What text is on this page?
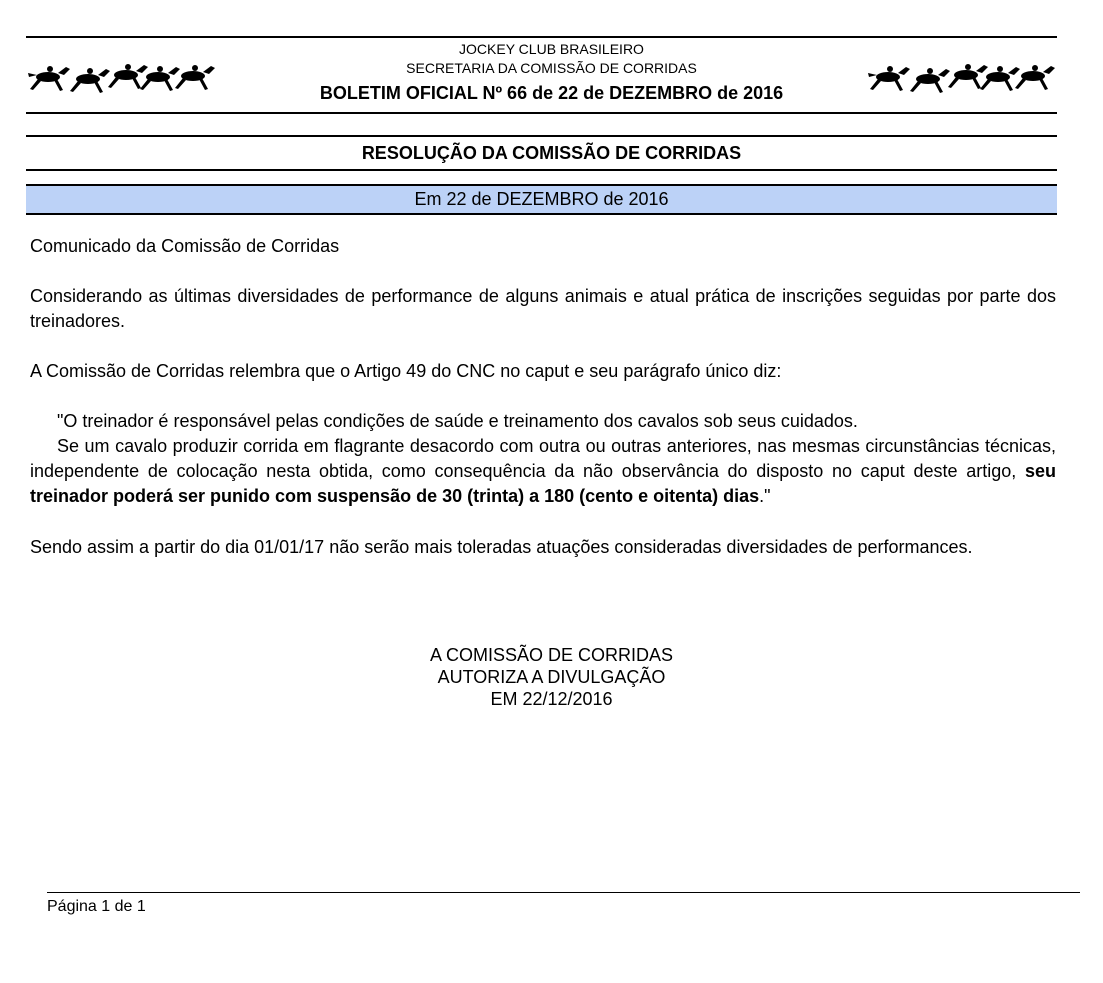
JOCKEY CLUB BRASILEIRO
SECRETARIA DA COMISSÃO DE CORRIDAS
BOLETIM OFICIAL Nº 66 de 22 de DEZEMBRO de 2016
RESOLUÇÃO DA COMISSÃO DE CORRIDAS
Em 22 de DEZEMBRO de 2016

Comunicado da Comissão de Corridas

Considerando as últimas diversidades de performance de alguns animais e atual prática de inscrições seguidas por parte dos treinadores.

A Comissão de Corridas relembra que o Artigo 49 do CNC no caput e seu parágrafo único diz:

"O treinador é responsável pelas condições de saúde e treinamento dos cavalos sob seus cuidados.

Se um cavalo produzir corrida em flagrante desacordo com outra ou outras anteriores, nas mesmas circunstâncias técnicas, independente de colocação nesta obtida, como consequência da não observância do disposto no caput deste artigo, seu treinador poderá ser punido com suspensão de 30 (trinta) a 180 (cento e oitenta) dias."

Sendo assim a partir do dia 01/01/17 não serão mais toleradas atuações consideradas diversidades de performances.

A COMISSÃO DE CORRIDAS
AUTORIZA A DIVULGAÇÃO
EM 22/12/2016
Página 1 de 1
